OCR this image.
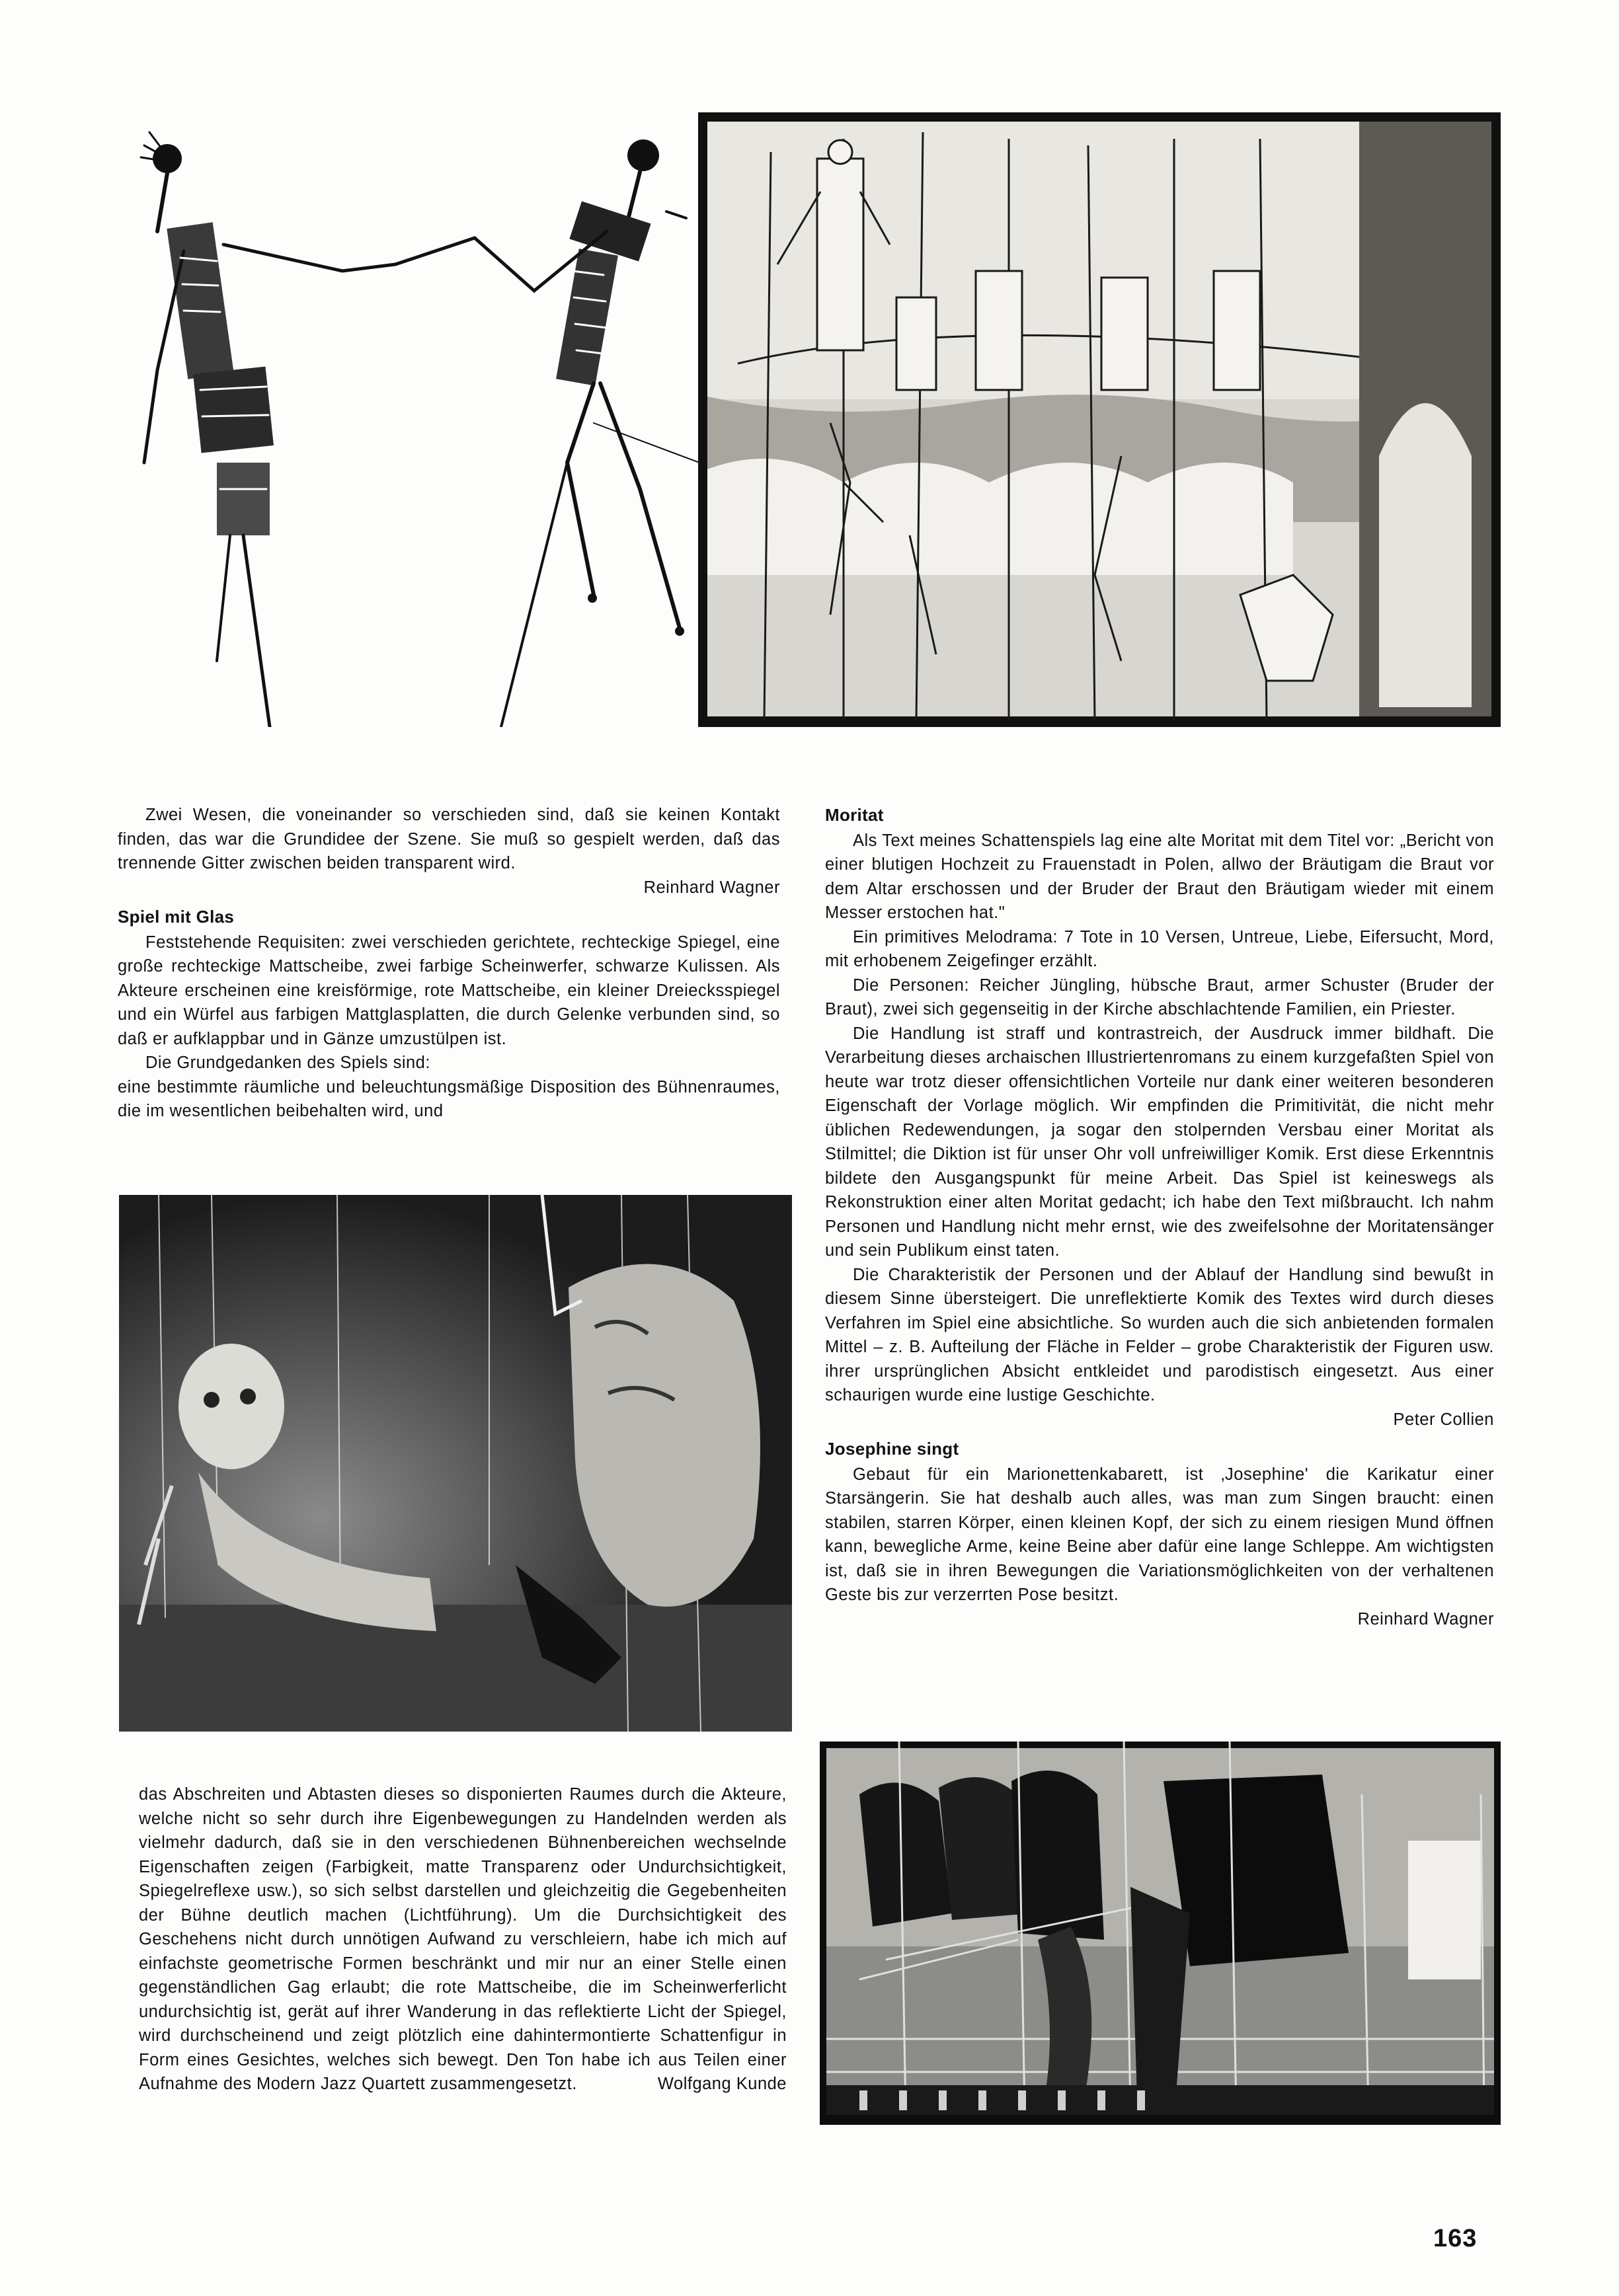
Zwei Wesen, die voneinander so verschieden sind, daß sie keinen Kontakt finden, das war die Grundidee der Szene. Sie muß so gespielt werden, daß das trennende Gitter zwischen beiden transparent wird.

Reinhard Wagner

Spiel mit Glas

Feststehende Requisiten: zwei verschieden gerichtete, rechteckige Spiegel, eine große rechteckige Mattscheibe, zwei farbige Scheinwerfer, schwarze Kulissen. Als Akteure erscheinen eine kreisförmige, rote Mattscheibe, ein kleiner Dreiecksspiegel und ein Würfel aus farbigen Mattglasplatten, die durch Gelenke verbunden sind, so daß er aufklappbar und in Gänze umzustülpen ist.

Die Grundgedanken des Spiels sind:

eine bestimmte räumliche und beleuchtungsmäßige Disposition des Bühnenraumes, die im wesentlichen beibehalten wird, und

Moritat

Als Text meines Schattenspiels lag eine alte Moritat mit dem Titel vor: „Bericht von einer blutigen Hochzeit zu Frauenstadt in Polen, allwo der Bräutigam die Braut vor dem Altar erschossen und der Bruder der Braut den Bräutigam wieder mit einem Messer erstochen hat."

Ein primitives Melodrama: 7 Tote in 10 Versen, Untreue, Liebe, Eifersucht, Mord, mit erhobenem Zeigefinger erzählt.

Die Personen: Reicher Jüngling, hübsche Braut, armer Schuster (Bruder der Braut), zwei sich gegenseitig in der Kirche abschlachtende Familien, ein Priester.

Die Handlung ist straff und kontrastreich, der Ausdruck immer bildhaft. Die Verarbeitung dieses archaischen Illustriertenromans zu einem kurzgefaßten Spiel von heute war trotz dieser offensichtlichen Vorteile nur dank einer weiteren besonderen Eigenschaft der Vorlage möglich. Wir empfinden die Primitivität, die nicht mehr üblichen Redewendungen, ja sogar den stolpernden Versbau einer Moritat als Stilmittel; die Diktion ist für unser Ohr voll unfreiwilliger Komik. Erst diese Erkenntnis bildete den Ausgangspunkt für meine Arbeit. Das Spiel ist keineswegs als Rekonstruktion einer alten Moritat gedacht; ich habe den Text mißbraucht. Ich nahm Personen und Handlung nicht mehr ernst, wie des zweifelsohne der Moritatensänger und sein Publikum einst taten.

Die Charakteristik der Personen und der Ablauf der Handlung sind bewußt in diesem Sinne übersteigert. Die unreflektierte Komik des Textes wird durch dieses Verfahren im Spiel eine absichtliche. So wurden auch die sich anbietenden formalen Mittel – z. B. Aufteilung der Fläche in Felder – grobe Charakteristik der Figuren usw. ihrer ursprünglichen Absicht entkleidet und parodistisch eingesetzt. Aus einer schaurigen wurde eine lustige Geschichte.

Peter Collien

Josephine singt

Gebaut für ein Marionettenkabarett, ist ‚Josephine' die Karikatur einer Starsängerin. Sie hat deshalb auch alles, was man zum Singen braucht: einen stabilen, starren Körper, einen kleinen Kopf, der sich zu einem riesigen Mund öffnen kann, bewegliche Arme, keine Beine aber dafür eine lange Schleppe. Am wichtigsten ist, daß sie in ihren Bewegungen die Variationsmöglichkeiten von der verhaltenen Geste bis zur verzerrten Pose besitzt.

Reinhard Wagner

das Abschreiten und Abtasten dieses so disponierten Raumes durch die Akteure, welche nicht so sehr durch ihre Eigenbewegungen zu Handelnden werden als vielmehr dadurch, daß sie in den verschiedenen Bühnenbereichen wechselnde Eigenschaften zeigen (Farbigkeit, matte Transparenz oder Undurchsichtigkeit, Spiegelreflexe usw.), so sich selbst darstellen und gleichzeitig die Gegebenheiten der Bühne deutlich machen (Lichtführung). Um die Durchsichtigkeit des Geschehens nicht durch unnötigen Aufwand zu verschleiern, habe ich mich auf einfachste geometrische Formen beschränkt und mir nur an einer Stelle einen gegenständlichen Gag erlaubt; die rote Mattscheibe, die im Scheinwerferlicht undurchsichtig ist, gerät auf ihrer Wanderung in das reflektierte Licht der Spiegel, wird durchscheinend und zeigt plötzlich eine dahintermontierte Schattenfigur in Form eines Gesichtes, welches sich bewegt. Den Ton habe ich aus Teilen einer Aufnahme des Modern Jazz Quartett zusammengesetzt.	Wolfgang Kunde

163
